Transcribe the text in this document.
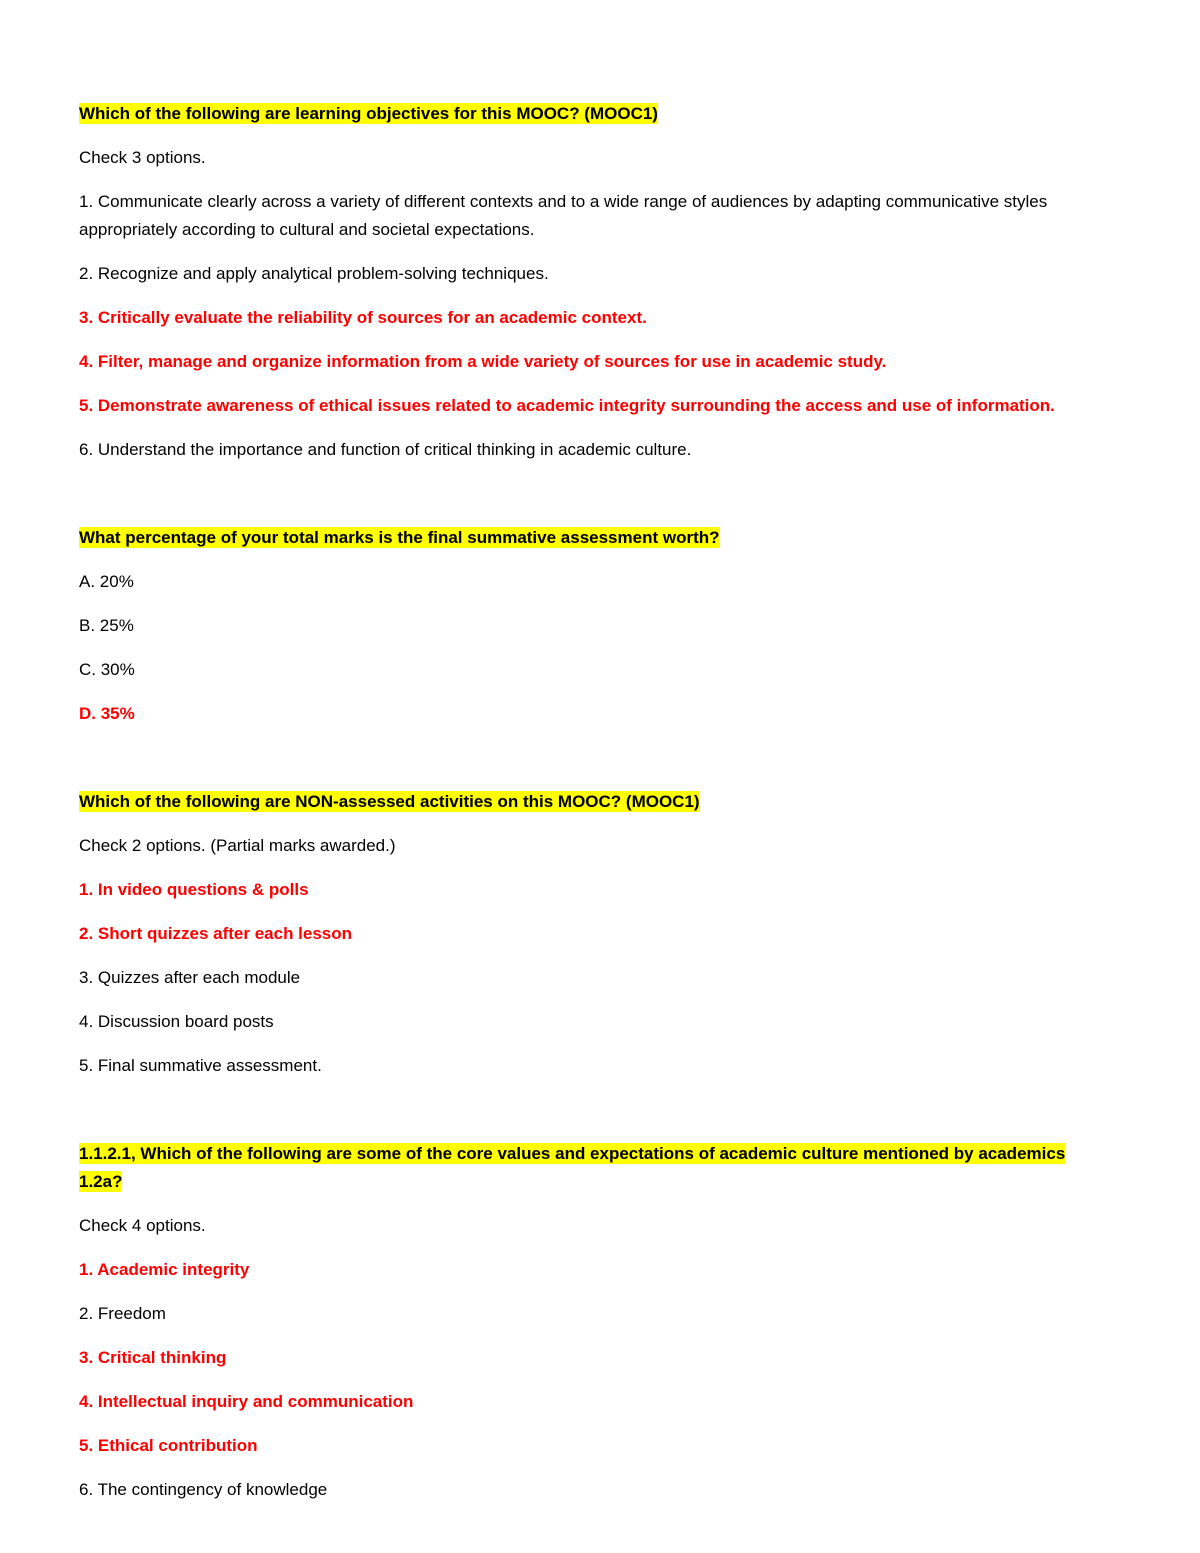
Which of the following are learning objectives for this MOOC? (MOOC1)

Check 3 options.

1. Communicate clearly across a variety of different contexts and to a wide range of audiences by adapting communicative styles appropriately according to cultural and societal expectations.

2. Recognize and apply analytical problem-solving techniques.

3. Critically evaluate the reliability of sources for an academic context.

4. Filter, manage and organize information from a wide variety of sources for use in academic study.

5. Demonstrate awareness of ethical issues related to academic integrity surrounding the access and use of information.

6. Understand the importance and function of critical thinking in academic culture.

What percentage of your total marks is the final summative assessment worth?

A. 20%

B. 25%

C. 30%

D. 35%

Which of the following are NON-assessed activities on this MOOC? (MOOC1)

Check 2 options. (Partial marks awarded.)

1. In video questions & polls

2. Short quizzes after each lesson

3. Quizzes after each module

4. Discussion board posts

5. Final summative assessment.

1.1.2.1, Which of the following are some of the core values and expectations of academic culture mentioned by academics 1.2a?

Check 4 options.

1. Academic integrity

2. Freedom

3. Critical thinking

4. Intellectual inquiry and communication

5. Ethical contribution

6. The contingency of knowledge
